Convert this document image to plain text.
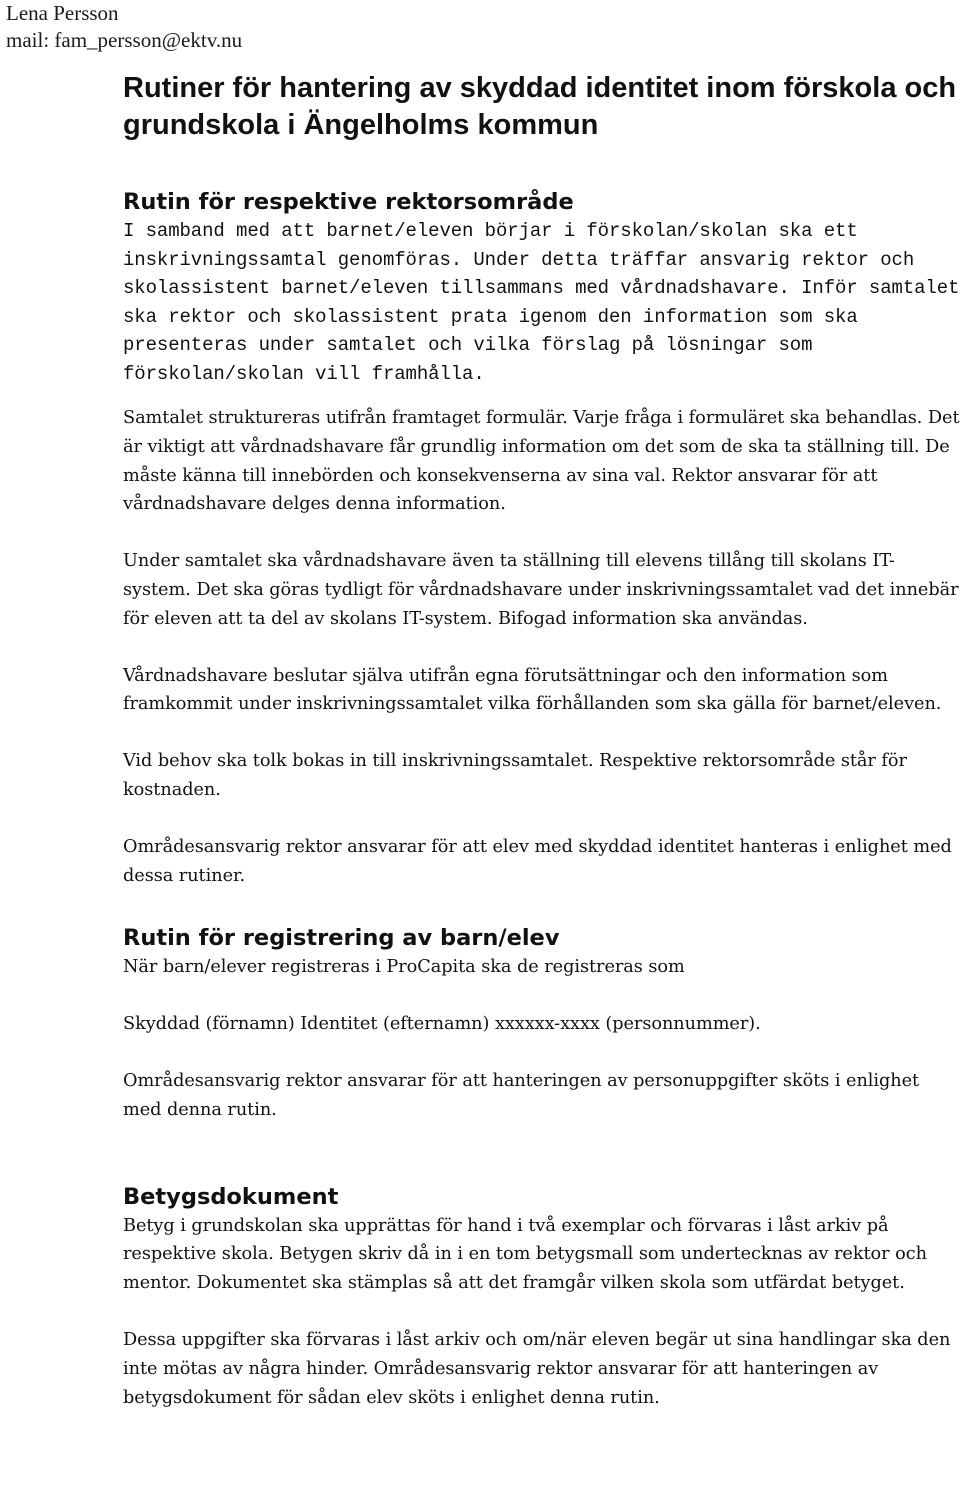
Lena Persson
mail: fam_persson@ektv.nu
Rutiner för hantering av skyddad identitet inom förskola och grundskola i Ängelholms kommun
Rutin för respektive rektorsområde

I samband med att barnet/eleven börjar i förskolan/skolan ska ett inskrivningssamtal genomföras. Under detta träffar ansvarig rektor och skolassistent barnet/eleven tillsammans med vårdnadshavare. Inför samtalet ska rektor och skolassistent prata igenom den information som ska presenteras under samtalet och vilka förslag på lösningar som förskolan/skolan vill framhålla.

Samtalet struktureras utifrån framtaget formulär. Varje fråga i formuläret ska behandlas. Det är viktigt att vårdnadshavare får grundlig information om det som de ska ta ställning till. De måste känna till innebörden och konsekvenserna av sina val. Rektor ansvarar för att vårdnadshavare delges denna information.

Under samtalet ska vårdnadshavare även ta ställning till elevens tillång till skolans IT-system. Det ska göras tydligt för vårdnadshavare under inskrivningssamtalet vad det innebär för eleven att ta del av skolans IT-system. Bifogad information ska användas.

Vårdnadshavare beslutar själva utifrån egna förutsättningar och den information som framkommit under inskrivningssamtalet vilka förhållanden som ska gälla för barnet/eleven.

Vid behov ska tolk bokas in till inskrivningssamtalet. Respektive rektorsområde står för kostnaden.

Områdesansvarig rektor ansvarar för att elev med skyddad identitet hanteras i enlighet med dessa rutiner.

Rutin för registrering av barn/elev

När barn/elever registreras i ProCapita ska de registreras som

Skyddad (förnamn) Identitet (efternamn) xxxxxx-xxxx (personnummer).

Områdesansvarig rektor ansvarar för att hanteringen av personuppgifter sköts i enlighet med denna rutin.

Betygsdokument

Betyg i grundskolan ska upprättas för hand i två exemplar och förvaras i låst arkiv på respektive skola. Betygen skriv då in i en tom betygsmall som undertecknas av rektor och mentor. Dokumentet ska stämplas så att det framgår vilken skola som utfärdat betyget.

Dessa uppgifter ska förvaras i låst arkiv och om/när eleven begär ut sina handlingar ska den inte mötas av några hinder. Områdesansvarig rektor ansvarar för att hanteringen av betygsdokument för sådan elev sköts i enlighet denna rutin.
